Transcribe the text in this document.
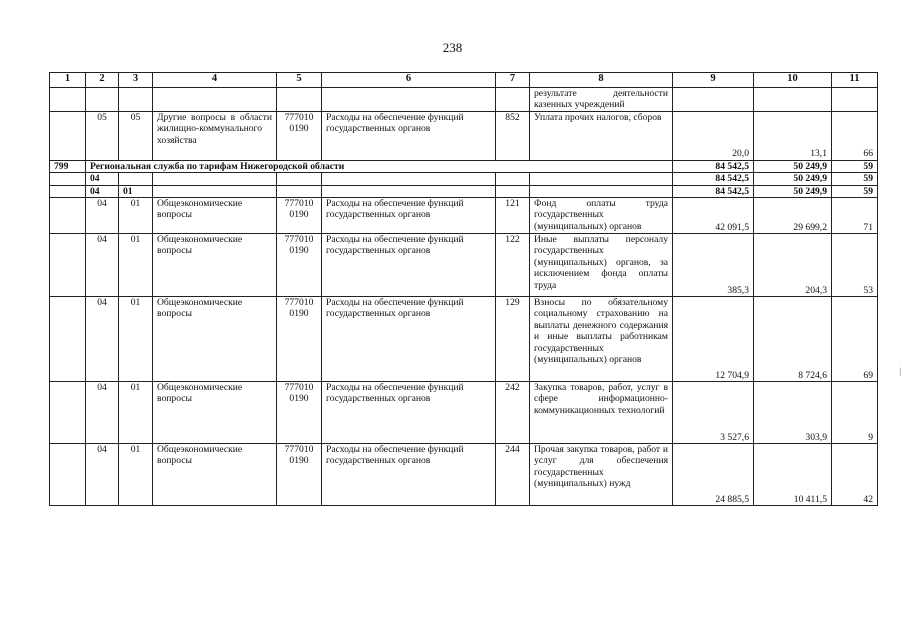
238
1	2	3	4	5	6	7	8	9	10	11
							результате деятельности казенных учреждений			
	05	05	Другие вопросы в области жилищно-коммунального хозяйства	777010 0190	Расходы на обеспечение функций государственных органов	852	Уплата прочих налогов, сборов	20,0	13,1	66
799	Региональная служба по тарифам Нижегородской области							84 542,5	50 249,9	59
	04							84 542,5	50 249,9	59
	04	01						84 542,5	50 249,9	59
	04	01	Общеэкономические вопросы	777010 0190	Расходы на обеспечение функций государственных органов	121	Фонд оплаты труда государственных (муниципальных) органов	42 091,5	29 699,2	71
	04	01	Общеэкономические вопросы	777010 0190	Расходы на обеспечение функций государственных органов	122	Иные выплаты персоналу государственных (муниципальных) органов, за исключением фонда оплаты труда	385,3	204,3	53
	04	01	Общеэкономические вопросы	777010 0190	Расходы на обеспечение функций государственных органов	129	Взносы по обязательному социальному страхованию на выплаты денежного содержания и иные выплаты работникам государственных (муниципальных) органов	12 704,9	8 724,6	69
	04	01	Общеэкономические вопросы	777010 0190	Расходы на обеспечение функций государственных органов	242	Закупка товаров, работ, услуг в сфере информационно-коммуникационных технологий	3 527,6	303,9	9
	04	01	Общеэкономические вопросы	777010 0190	Расходы на обеспечение функций государственных органов	244	Прочая закупка товаров, работ и услуг для обеспечения государственных (муниципальных) нужд	24 885,5	10 411,5	42
|
